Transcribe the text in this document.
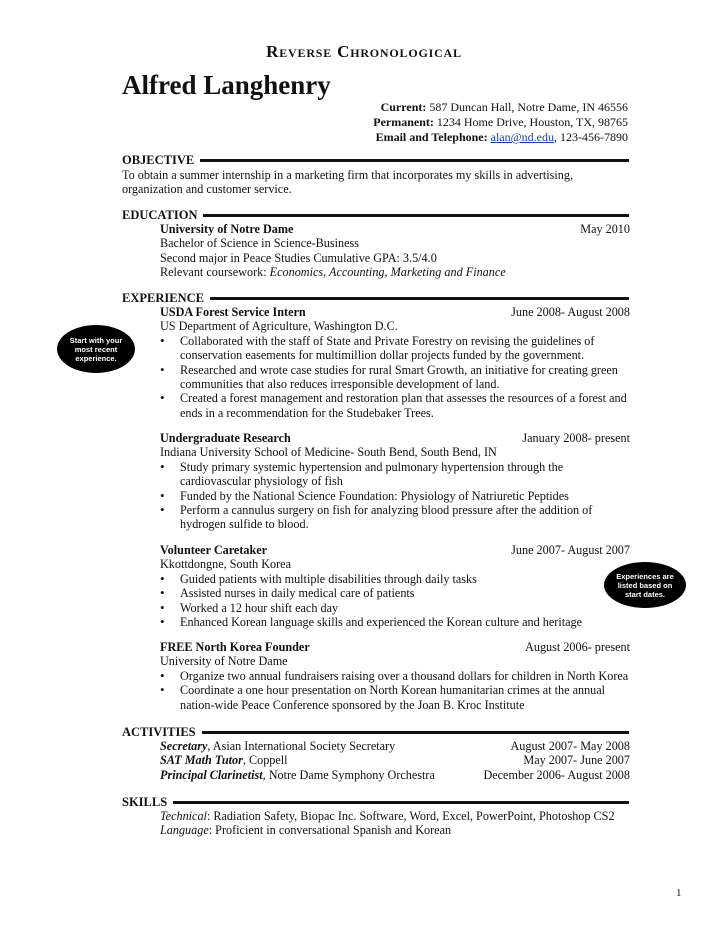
Reverse Chronological
Alfred Langhenry
Current: 587 Duncan Hall, Notre Dame, IN 46556
Permanent: 1234 Home Drive, Houston, TX, 98765
Email and Telephone: alan@nd.edu, 123-456-7890
OBJECTIVE
To obtain a summer internship in a marketing firm that incorporates my skills in advertising, organization and customer service.
EDUCATION
University of Notre Dame	May 2010
Bachelor of Science in Science-Business
Second major in Peace Studies Cumulative GPA: 3.5/4.0
Relevant coursework: Economics, Accounting, Marketing and Finance
EXPERIENCE
USDA Forest Service Intern	June 2008- August 2008
US Department of Agriculture, Washington D.C.
• Collaborated with the staff of State and Private Forestry on revising the guidelines of conservation easements for multimillion dollar projects funded by the government.
• Researched and wrote case studies for rural Smart Growth, an initiative for creating green communities that also reduces irresponsible development of land.
• Created a forest management and restoration plan that assesses the resources of a forest and ends in a recommendation for the Studebaker Trees.
Undergraduate Research	January 2008- present
Indiana University School of Medicine- South Bend, South Bend, IN
• Study primary systemic hypertension and pulmonary hypertension through the cardiovascular physiology of fish
• Funded by the National Science Foundation: Physiology of Natriuretic Peptides
• Perform a cannulus surgery on fish for analyzing blood pressure after the addition of hydrogen sulfide to blood.
Volunteer Caretaker	June 2007- August 2007
Kkottdongne, South Korea
• Guided patients with multiple disabilities through daily tasks
• Assisted nurses in daily medical care of patients
• Worked a 12 hour shift each day
• Enhanced Korean language skills and experienced the Korean culture and heritage
FREE North Korea Founder	August 2006- present
University of Notre Dame
• Organize two annual fundraisers raising over a thousand dollars for children in North Korea
• Coordinate a one hour presentation on North Korean humanitarian crimes at the annual nation-wide Peace Conference sponsored by the Joan B. Kroc Institute
ACTIVITIES
Secretary, Asian International Society Secretary	August 2007- May 2008
SAT Math Tutor, Coppell	May 2007- June 2007
Principal Clarinetist, Notre Dame Symphony Orchestra	December 2006- August 2008
SKILLS
Technical: Radiation Safety, Biopac Inc. Software, Word, Excel, PowerPoint, Photoshop CS2
Language: Proficient in conversational Spanish and Korean
Start with your most recent experience.
Experiences are listed based on start dates.
1
